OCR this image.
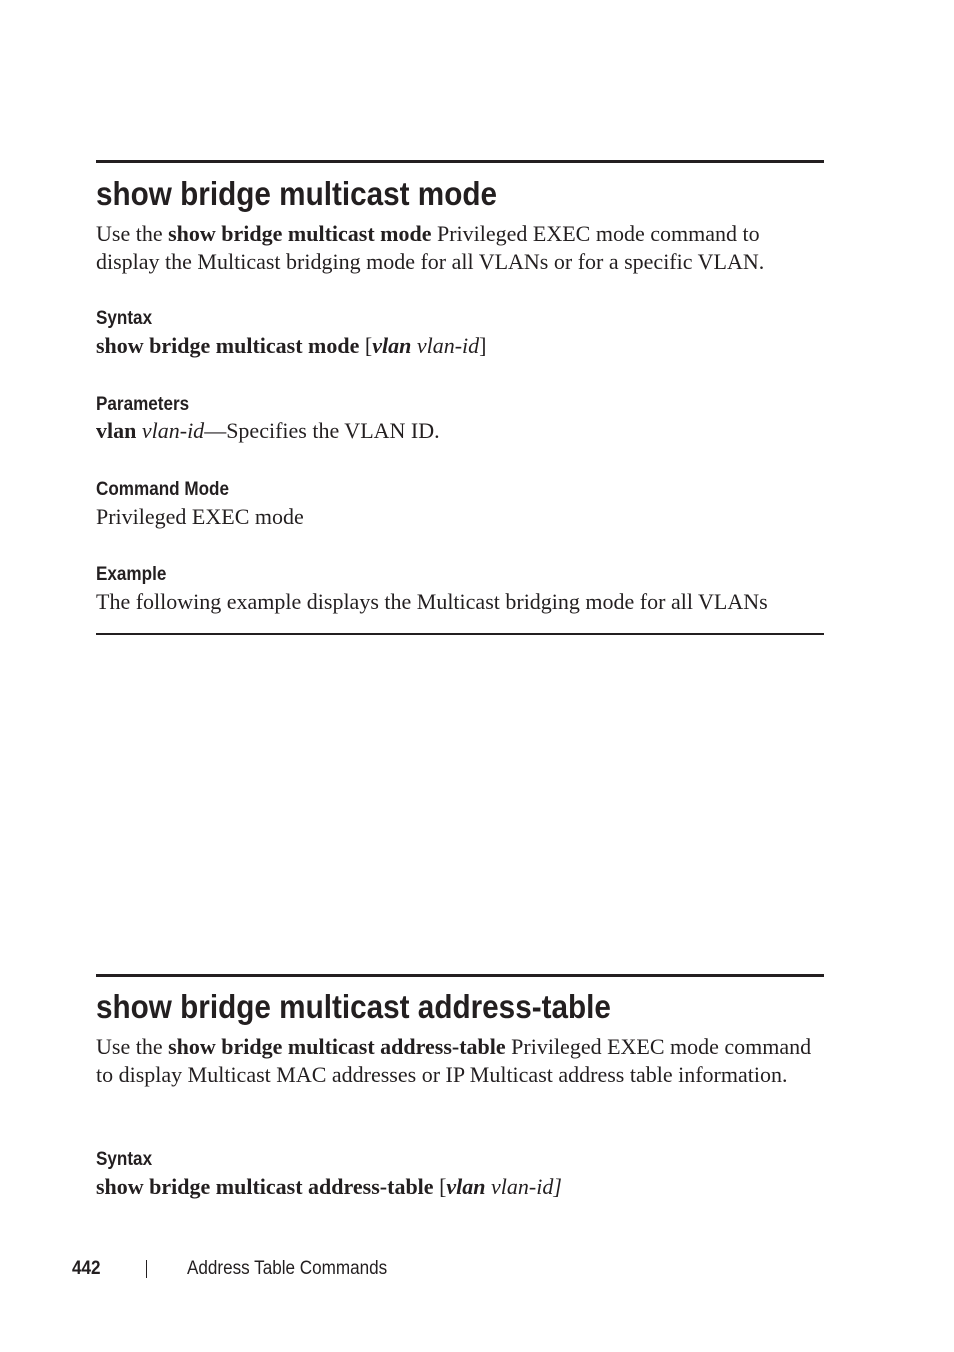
show bridge multicast mode

Use the show bridge multicast mode Privileged EXEC mode command to display the Multicast bridging mode for all VLANs or for a specific VLAN.

Syntax

show bridge multicast mode [vlan vlan-id]

Parameters

vlan vlan-id—Specifies the VLAN ID.

Command Mode

Privileged EXEC mode

Example

The following example displays the Multicast bridging mode for all VLANs

show bridge multicast address-table

Use the show bridge multicast address-table Privileged EXEC mode command to display Multicast MAC addresses or IP Multicast address table information.

Syntax

show bridge multicast address-table [vlan vlan-id]

442	Address Table Commands
